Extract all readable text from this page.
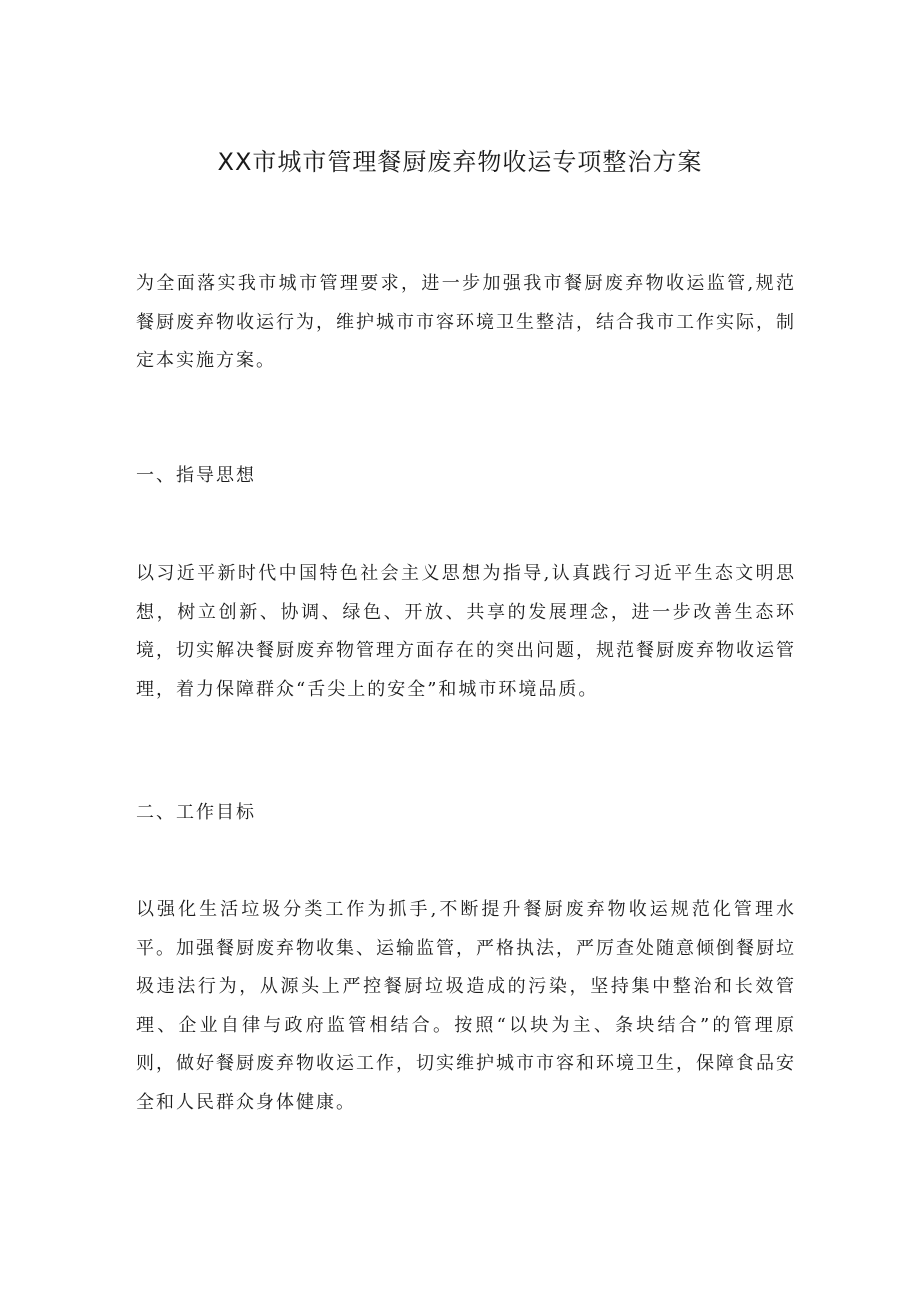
XX市城市管理餐厨废弃物收运专项整治方案

为全面落实我市城市管理要求，进一步加强我市餐厨废弃物收运监管,规范餐厨废弃物收运行为，维护城市市容环境卫生整洁，结合我市工作实际，制定本实施方案。

一、指导思想

以习近平新时代中国特色社会主义思想为指导,认真践行习近平生态文明思想，树立创新、协调、绿色、开放、共享的发展理念，进一步改善生态环境，切实解决餐厨废弃物管理方面存在的突出问题，规范餐厨废弃物收运管理，着力保障群众“舌尖上的安全”和城市环境品质。

二、工作目标

以强化生活垃圾分类工作为抓手,不断提升餐厨废弃物收运规范化管理水平。加强餐厨废弃物收集、运输监管，严格执法，严厉查处随意倾倒餐厨垃圾违法行为，从源头上严控餐厨垃圾造成的污染，坚持集中整治和长效管理、企业自律与政府监管相结合。按照“以块为主、条块结合”的管理原则，做好餐厨废弃物收运工作，切实维护城市市容和环境卫生，保障食品安全和人民群众身体健康。
